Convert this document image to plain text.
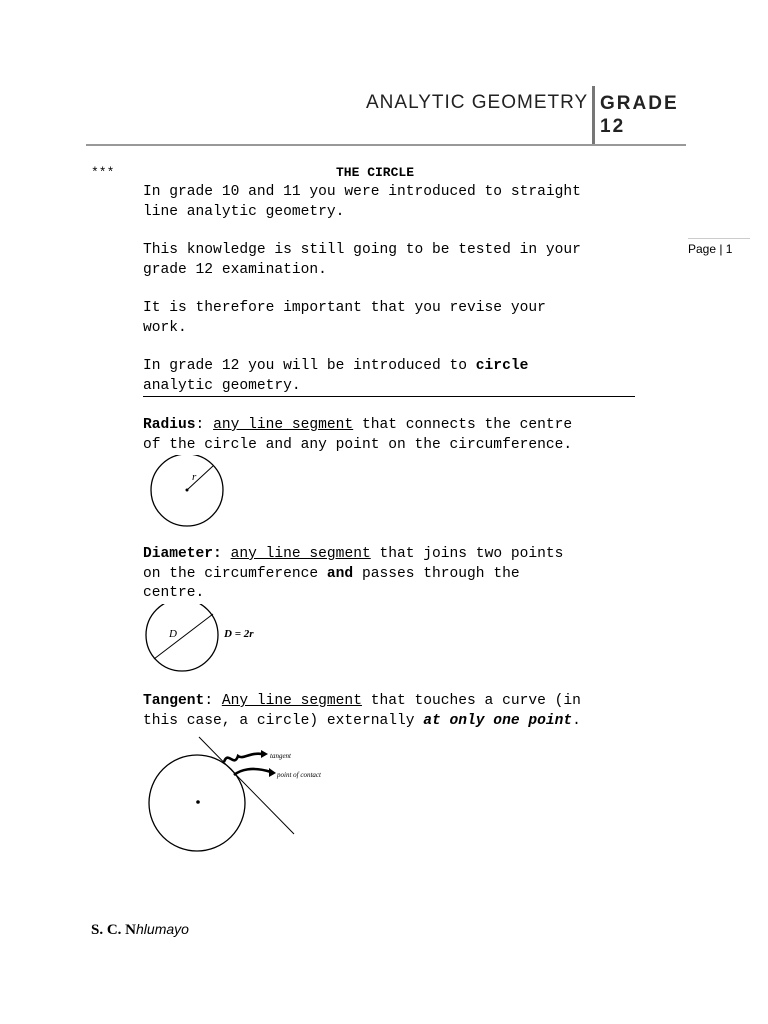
ANALYTIC GEOMETRY GRADE
12
Page | 1
***	THE CIRCLE
In grade 10 and 11 you were introduced to straight
line analytic geometry.
This knowledge is still going to be tested in your
grade 12 examination.
It is therefore important that you revise your
work.
In grade 12 you will be introduced to circle
analytic geometry.
Radius: any line segment that connects the centre
of the circle and any point on the circumference.
r
Diameter: any line segment that joins two points
on the circumference and passes through the
centre.
D	D = 2r
Tangent: Any line segment that touches a curve (in
this case, a circle) externally at only one point.
tangent
point of contact
S. C. Nhlumayo
